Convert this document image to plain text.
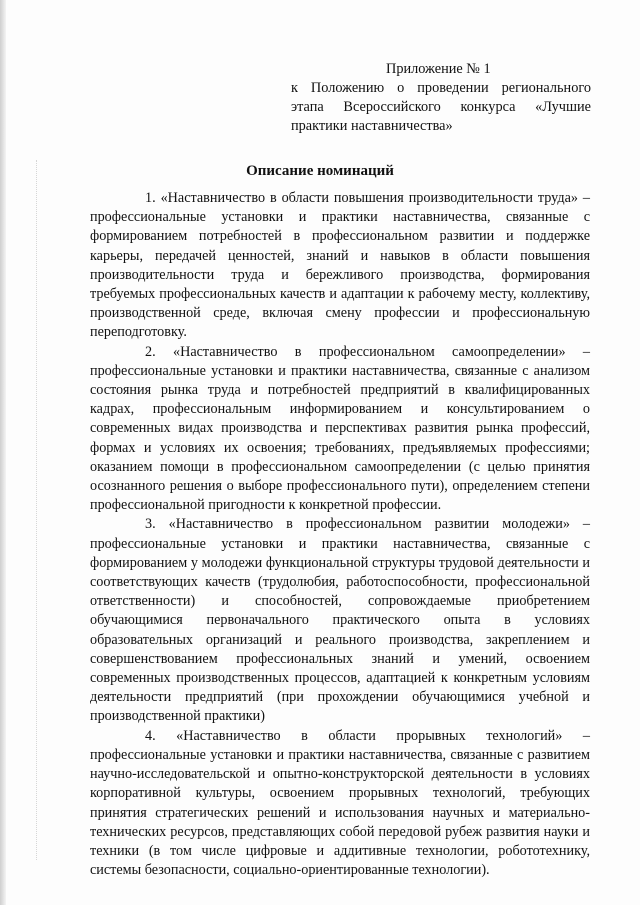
Приложение № 1
к Положению о проведении регионального
этапа Всероссийского конкурса «Лучшие
практики наставничества»
Описание номинаций

1. «Наставничество в области повышения производительности труда» – профессиональные установки и практики наставничества, связанные с формированием потребностей в профессиональном развитии и поддержке карьеры, передачей ценностей, знаний и навыков в области повышения производительности труда и бережливого производства, формирования требуемых профессиональных качеств и адаптации к рабочему месту, коллективу, производственной среде, включая смену профессии и профессиональную переподготовку.

2. «Наставничество в профессиональном самоопределении» – профессиональные установки и практики наставничества, связанные с анализом состояния рынка труда и потребностей предприятий в квалифицированных кадрах, профессиональным информированием и консультированием о современных видах производства и перспективах развития рынка профессий, формах и условиях их освоения; требованиях, предъявляемых профессиями; оказанием помощи в профессиональном самоопределении (с целью принятия осознанного решения о выборе профессионального пути), определением степени профессиональной пригодности к конкретной профессии.

3. «Наставничество в профессиональном развитии молодежи» – профессиональные установки и практики наставничества, связанные с формированием у молодежи функциональной структуры трудовой деятельности и соответствующих качеств (трудолюбия, работоспособности, профессиональной ответственности) и способностей, сопровождаемые приобретением обучающимися первоначального практического опыта в условиях образовательных организаций и реального производства, закреплением и совершенствованием профессиональных знаний и умений, освоением современных производственных процессов, адаптацией к конкретным условиям деятельности предприятий (при прохождении обучающимися учебной и производственной практики)

4. «Наставничество в области прорывных технологий» – профессиональные установки и практики наставничества, связанные с развитием научно-исследовательской и опытно-конструкторской деятельности в условиях корпоративной культуры, освоением прорывных технологий, требующих принятия стратегических решений и использования научных и материально-технических ресурсов, представляющих собой передовой рубеж развития науки и техники (в том числе цифровые и аддитивные технологии, робототехнику, системы безопасности, социально-ориентированные технологии).
